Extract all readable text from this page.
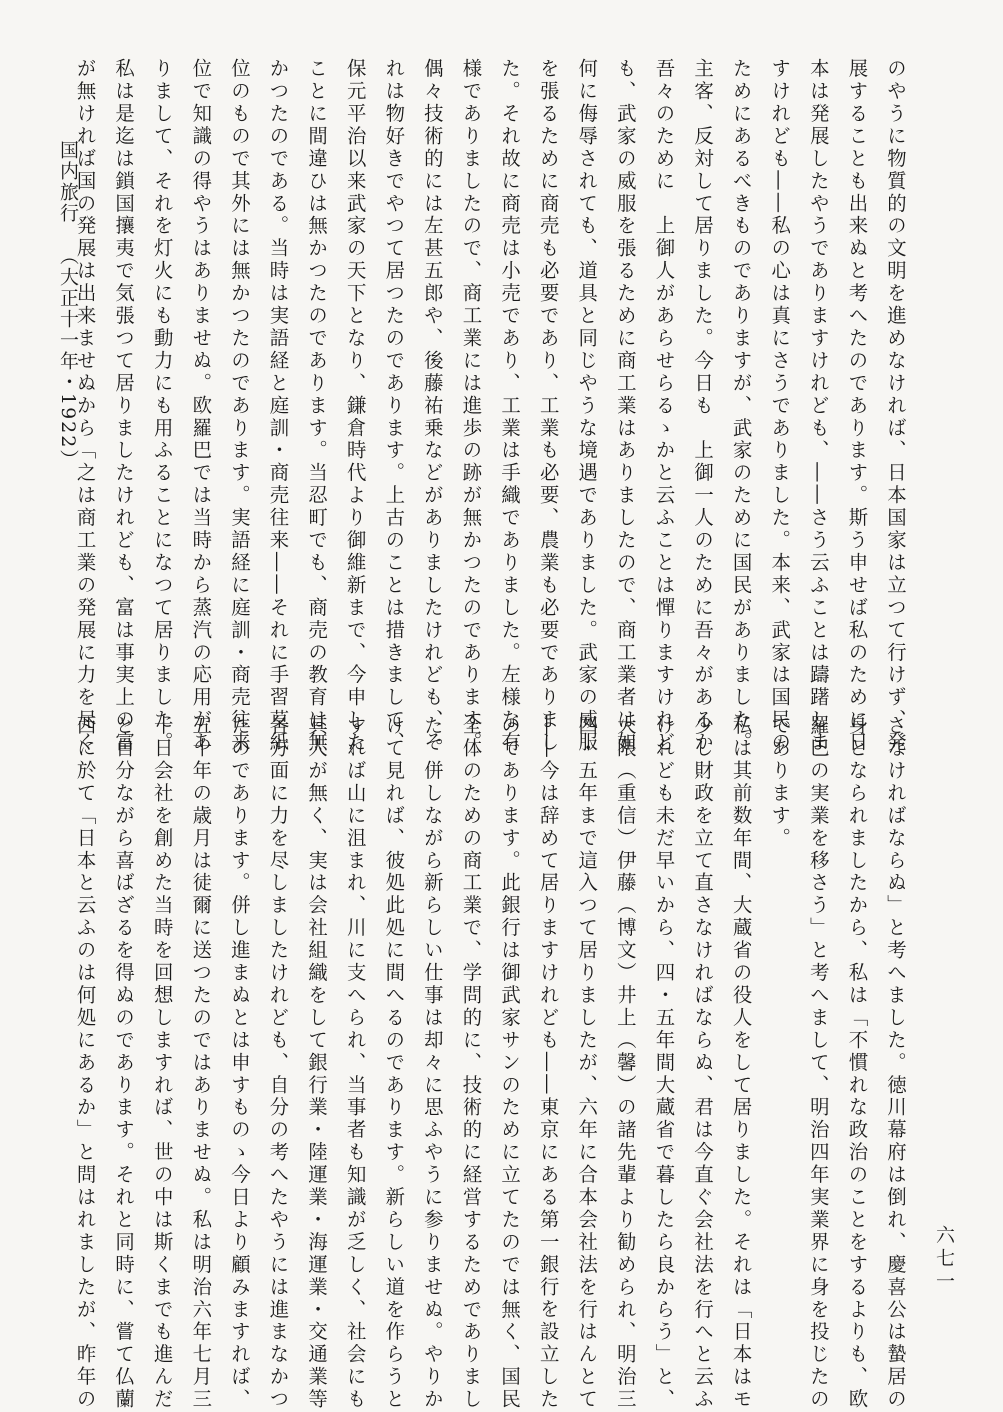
のやうに物質的の文明を進めなければ、日本国家は立つて行けず、発
展することも出来ぬと考へたのであります。斯う申せば私のために日
本は発展したやうでありますけれども、――さう云ふことは躊躇しま
すけれども――私の心は真にさうでありました。本来、武家は国民の
ためにあるべきものでありますが、武家のために国民がありました。
主客、反対して居りました。今日も　上御一人のために吾々があるか
吾々のために　上御人があらせらるゝかと云ふことは憚りますけれど
も、武家の威服を張るために商工業はありましたので、商工業者は如
何に侮辱されても、道具と同じやうな境遇でありました。武家の威服
を張るために商売も必要であり、工業も必要、農業も必要でありまし
た。それ故に商売は小売であり、工業は手織でありました。左様な有
様でありましたので、商工業には進歩の跡が無かつたのであります。
偶々技術的には左甚五郎や、後藤祐乗などがありましたけれども、そ
れは物好きでやつて居つたのであります。上古のことは措きまして、
保元平治以来武家の天下となり、鎌倉時代より御維新まで、今申した
ことに間違ひは無かつたのであります。当忍町でも、商売の教育は無
かつたのである。当時は実語経と庭訓・商売往来――それに手習草紙
位のもので其外には無かつたのであります。実語経に庭訓・商売往来
位で知識の得やうはありませぬ。欧羅巴では当時から蒸汽の応用があ
りまして、それを灯火にも動力にも用ふることになつて居りました。
私は是迄は鎖国攘夷で気張つて居りましたけれども、富は事実上の富
が無ければ国の発展は出来ませぬから「之は商工業の発展に力を尽く
さなければならぬ」と考へました。徳川幕府は倒れ、慶喜公は蟄居の
身となられましたから、私は「不慣れな政治のことをするよりも、欧
羅巴の実業を移さう」と考へまして、明治四年実業界に身を投じたの
であります。
私は其前数年間、大蔵省の役人をして居りました。それは「日本はモ
少し財政を立て直さなければならぬ、君は今直ぐ会社法を行へと云ふ
けれども未だ早いから、四・五年間大蔵省で暮したら良からう」と、
大隈（重信）伊藤（博文）井上（馨）の諸先輩より勧められ、明治三
四・五年まで這入つて居りましたが、六年に合本会社法を行はんとて
――今は辞めて居りますけれども――東京にある第一銀行を設立した
のであります。此銀行は御武家サンのために立てたのでは無く、国民
全体のための商工業で、学問的に、技術的に経営するためでありまし
た。併しながら新らしい仕事は却々に思ふやうに参りませぬ。やりか
けて見れば、彼処此処に間へるのであります。新らしい道を作らうと
すれば山に沮まれ、川に支へられ、当事者も知識が乏しく、社会にも
其人が無く、実は会社組織をして銀行業・陸運業・海運業・交通業等
各方面に力を尽しましたけれども、自分の考へたやうには進まなかつ
たのであります。併し進まぬとは申すものゝ今日より顧みますれば、
五十年の歳月は徒爾に送つたのではありませぬ。私は明治六年七月三
十日会社を創めた当時を回想しますれば、世の中は斯くまでも進んだ
と自分ながら喜ばざるを得ぬのであります。それと同時に、嘗て仏蘭
西に於て「日本と云ふのは何処にあるか」と問はれましたが、昨年の
国内旅行（大正十一年・1922）
六七一
